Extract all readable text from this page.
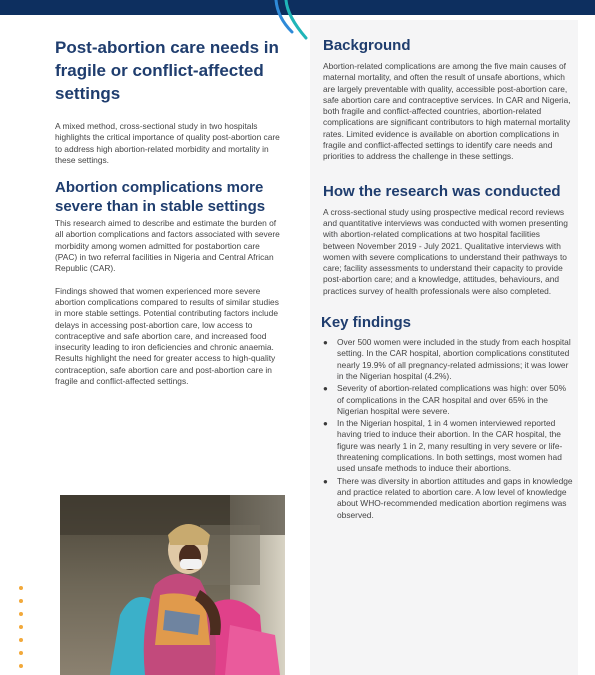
Post-abortion care needs in fragile or conflict-affected settings

A mixed method, cross-sectional study in two hospitals highlights the critical importance of quality post-abortion care to address high abortion-related morbidity and mortality in these settings.

Abortion complications more severe than in stable settings

This research aimed to describe and estimate the burden of all abortion complications and factors associated with severe morbidity among women admitted for postabortion care (PAC) in two referral facilities in Nigeria and Central African Republic (CAR).

Findings showed that women experienced more severe abortion complications compared to results of similar studies in more stable settings. Potential contributing factors include delays in accessing post-abortion care, low access to contraceptive and safe abortion care, and increased food insecurity leading to iron deficiencies and chronic anaemia. Results highlight the need for greater access to high-quality contraception, safe abortion care and post-abortion care in fragile and conflict-affected settings.

Background

Abortion-related complications are among the five main causes of maternal mortality, and often the result of unsafe abortions, which are largely preventable with quality, accessible post-abortion care, safe abortion care and contraceptive services. In CAR and Nigeria, both fragile and conflict-affected countries, abortion-related complications are significant contributors to high maternal mortality rates. Limited evidence is available on abortion complications in fragile and conflict-affected settings to identify care needs and priorities to address the challenge in these settings.

How the research was conducted

A cross-sectional study using prospective medical record reviews and quantitative interviews was conducted with women presenting with abortion-related complications at two hospital facilities between November 2019 - July 2021. Qualitative interviews with women with severe complications to understand their pathways to care; facility assessments to understand their capacity to provide post-abortion care; and a knowledge, attitudes, behaviours, and practices survey of health professionals were also completed.

Key findings
● Over 500 women were included in the study from each hospital setting. In the CAR hospital, abortion complications constituted nearly 19.9% of all pregnancy-related admissions; it was lower in the Nigerian hospital (4.2%).
● Severity of abortion-related complications was high: over 50% of complications in the CAR hospital and over 65% in the Nigerian hospital were severe.
● In the Nigerian hospital, 1 in 4 women interviewed reported having tried to induce their abortion. In the CAR hospital, the figure was nearly 1 in 2, many resulting in very severe or life-threatening complications. In both settings, most women had used unsafe methods to induce their abortions.
● There was diversity in abortion attitudes and gaps in knowledge and practice related to abortion care. A low level of knowledge about WHO-recommended medication abortion regimens was observed.
